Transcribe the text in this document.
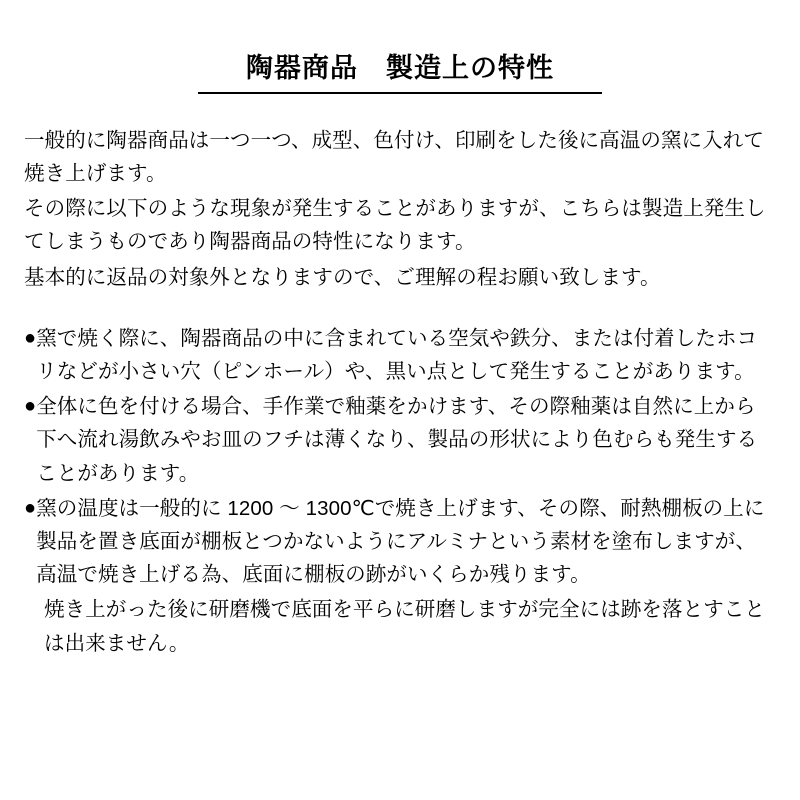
陶器商品　製造上の特性

一般的に陶器商品は一つ一つ、成型、色付け、印刷をした後に高温の窯に入れて焼き上げます。

その際に以下のような現象が発生することがありますが、こちらは製造上発生してしまうものであり陶器商品の特性になります。

基本的に返品の対象外となりますので、ご理解の程お願い致します。

● 窯で焼く際に、陶器商品の中に含まれている空気や鉄分、または付着したホコリなどが小さい穴（ピンホール）や、黒い点として発生することがあります。
● 全体に色を付ける場合、手作業で釉薬をかけます、その際釉薬は自然に上から下へ流れ湯飲みやお皿のフチは薄くなり、製品の形状により色むらも発生することがあります。
● 窯の温度は一般的に 1200 〜 1300℃で焼き上げます、その際、耐熱棚板の上に製品を置き底面が棚板とつかないようにアルミナという素材を塗布しますが、高温で焼き上げる為、底面に棚板の跡がいくらか残ります。
焼き上がった後に研磨機で底面を平らに研磨しますが完全には跡を落とすことは出来ません。
